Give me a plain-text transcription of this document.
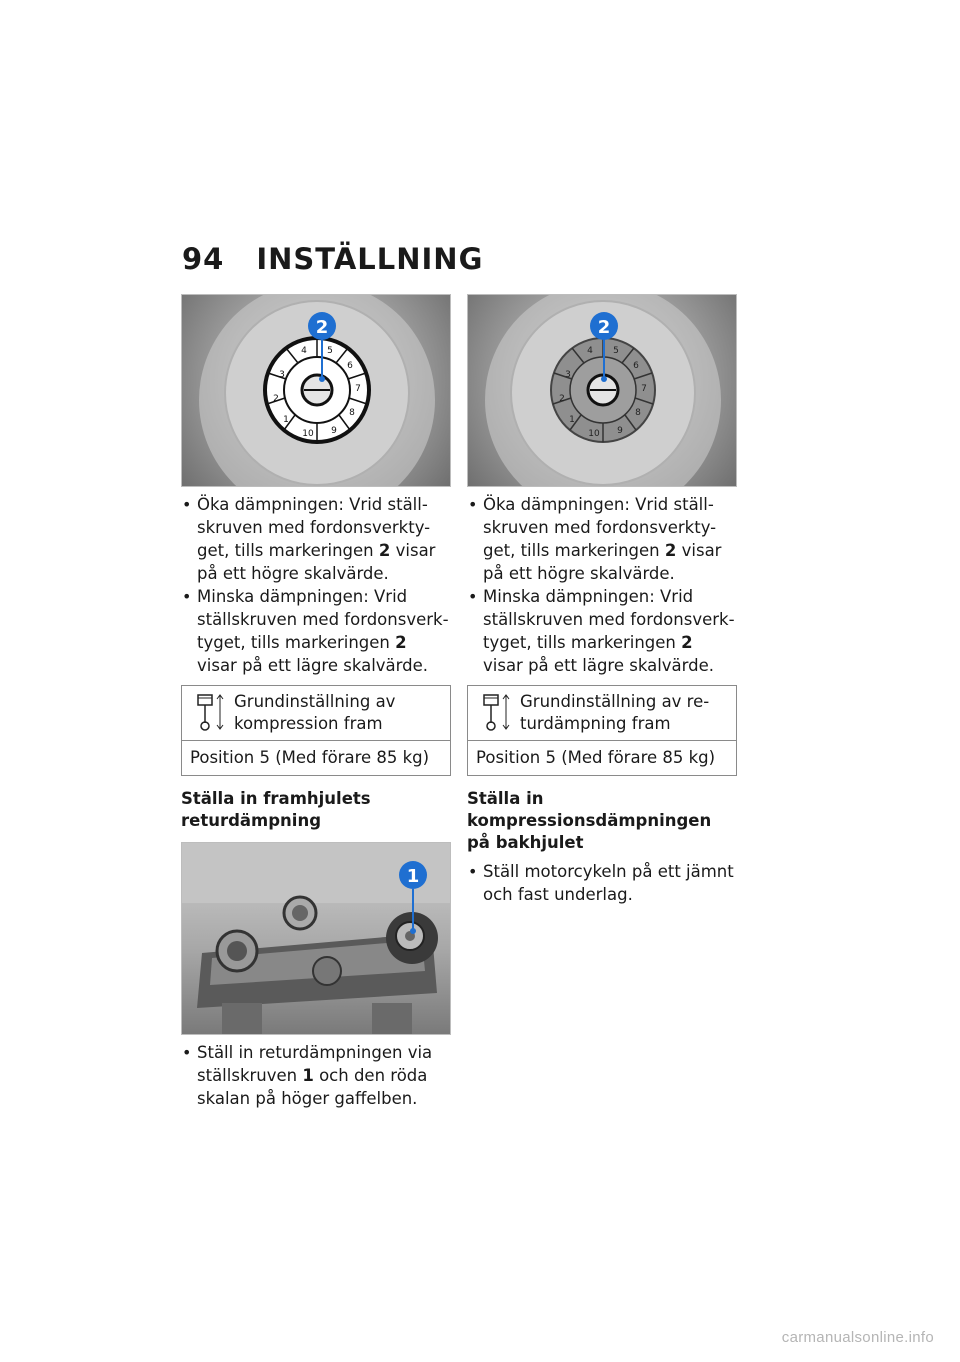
94 INSTÄLLNING
4 5
6
7
8
9
10
1
2
3
2
• Öka dämpningen: Vrid ställ-skruven med fordonsverkty-get, tills markeringen 2 visar på ett högre skalvärde.
• Minska dämpningen: Vrid ställskruven med fordonsverk-tyget, tills markeringen 2 visar på ett lägre skalvärde.
Grundinställning av kompression fram
Position 5 (Med förare 85 kg)
Ställa in framhjulets returdämpning
1
• Ställ in returdämpningen via ställskruven 1 och den röda skalan på höger gaffelben.
4 5
6
7
8
9
10
1
2
3
2
• Öka dämpningen: Vrid ställ-skruven med fordonsverkty-get, tills markeringen 2 visar på ett högre skalvärde.
• Minska dämpningen: Vrid ställskruven med fordonsverk-tyget, tills markeringen 2 visar på ett lägre skalvärde.
Grundinställning av re-turdämpning fram
Position 5 (Med förare 85 kg)
Ställa in kompressionsdämpningen på bakhjulet
• Ställ motorcykeln på ett jämnt och fast underlag.
carmanualsonline.info
